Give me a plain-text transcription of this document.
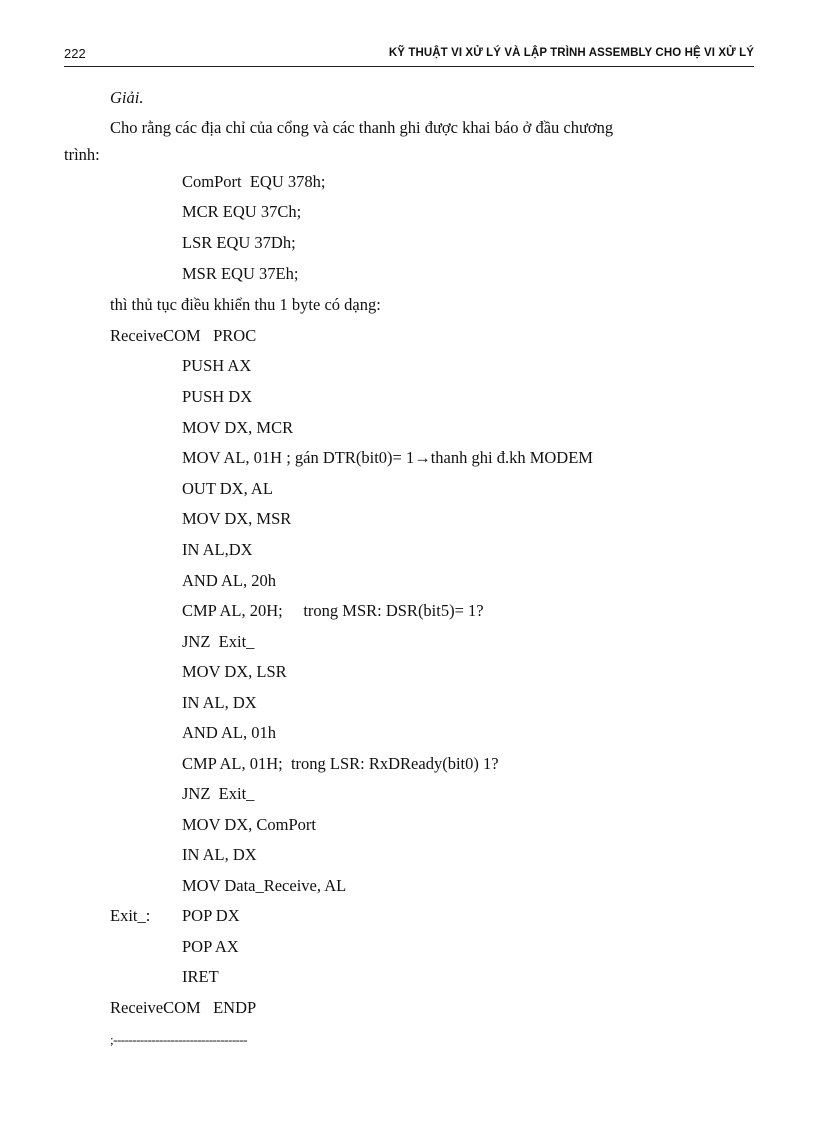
222	KỸ THUẬT VI XỬ LÝ VÀ LẬP TRÌNH ASSEMBLY CHO HỆ VI XỬ LÝ
Giải.
Cho rằng các địa chỉ của cổng và các thanh ghi được khai báo ở đầu chương
trình:
ComPort  EQU 378h;
MCR EQU 37Ch;
LSR EQU 37Dh;
MSR EQU 37Eh;
thì thủ tục điều khiển thu 1 byte có dạng:
ReceiveCOM   PROC
PUSH AX
PUSH DX
MOV DX, MCR
MOV AL, 01H ; gán DTR(bit0)= 1→thanh ghi đ.kh MODEM
OUT DX, AL
MOV DX, MSR
IN AL,DX
AND AL, 20h
CMP AL, 20H;     trong MSR: DSR(bit5)= 1?
JNZ  Exit_
MOV DX, LSR
IN AL, DX
AND AL, 01h
CMP AL, 01H;  trong LSR: RxDReady(bit0) 1?
JNZ  Exit_
MOV DX, ComPort
IN AL, DX
MOV Data_Receive, AL
Exit_: POP DX
POP AX
IRET
ReceiveCOM   ENDP
;-----------------------------------
